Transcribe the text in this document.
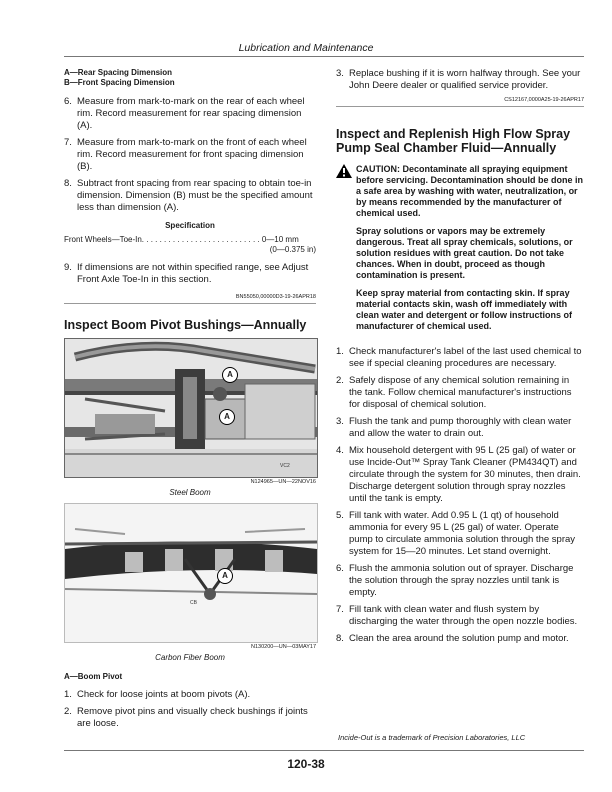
Lubrication and Maintenance

A—Rear Spacing Dimension

B—Front Spacing Dimension

6. Measure from mark-to-mark on the rear of each wheel rim. Record measurement for rear spacing dimension (A).
7. Measure from mark-to-mark on the front of each wheel rim. Record measurement for front spacing dimension (B).
8. Subtract front spacing from rear spacing to obtain toe-in dimension. Dimension (B) must be the specified amount less than dimension (A).
Specification
Front Wheels—Toe-In. . . . . . . . . . . . . . . . . . . . . . . . . . . 0—10 mm
(0—0.375 in)
9. If dimensions are not within specified range, see Adjust Front Axle Toe-In in this section.
BN55050,00000D3-19-26APR18

Inspect Boom Pivot Bushings—Annually

A
A
VC2
N124965—UN—22NOV16
Steel Boom
A
CB
N130200—UN—03MAY17
Carbon Fiber Boom

A—Boom Pivot

1. Check for loose joints at boom pivots (A).
2. Remove pivot pins and visually check bushings if joints are loose.
3. Replace bushing if it is worn halfway through. See your John Deere dealer or qualified service provider.
CS12167,0000A25-19-26APR17

Inspect and Replenish High Flow Spray Pump Seal Chamber Fluid—Annually

CAUTION: Decontaminate all spraying equipment before servicing. Decontamination should be done in a safe area by washing with water, neutralization, or by means recommended by the manufacturer of chemical used.
Spray solutions or vapors may be extremely dangerous. Treat all spray chemicals, solutions, or solution residues with great caution. Do not take chances. When in doubt, proceed as though contamination is present.
Keep spray material from contacting skin. If spray material contacts skin, wash off immediately with clean water and detergent or follow instructions of manufacturer of chemical used.
1. Check manufacturer's label of the last used chemical to see if special cleaning procedures are necessary.
2. Safely dispose of any chemical solution remaining in the tank. Follow chemical manufacturer's instructions for disposal of chemical solution.
3. Flush the tank and pump thoroughly with clean water and allow the water to drain out.
4. Mix household detergent with 95 L (25 gal) of water or use Incide-Out™ Spray Tank Cleaner (PM434QT) and circulate through the system for 30 minutes, then drain. Discharge detergent solution through spray nozzles until the tank is empty.
5. Fill tank with water. Add 0.95 L (1 qt) of household ammonia for every 95 L (25 gal) of water. Operate pump to circulate ammonia solution through the spray system for 15—20 minutes. Let stand overnight.
6. Flush the ammonia solution out of sprayer. Discharge the solution through the spray nozzles until tank is empty.
7. Fill tank with clean water and flush system by discharging the water through the open nozzle bodies.
8. Clean the area around the solution pump and motor.
Incide-Out is a trademark of Precision Laboratories, LLC
120-38
